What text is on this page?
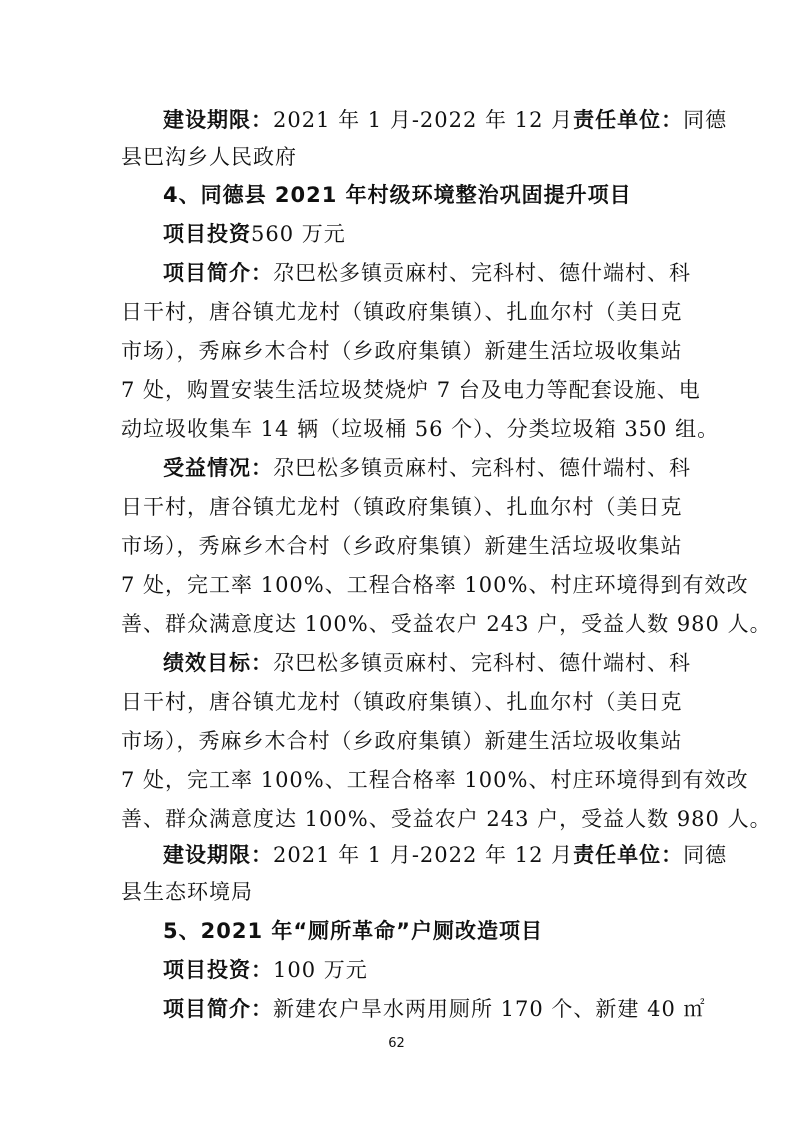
建设期限：2021 年 1 月-2022 年 12 月责任单位：同德
县巴沟乡人民政府
4、同德县 2021 年村级环境整治巩固提升项目
项目投资560 万元
项目简介：尕巴松多镇贡麻村、完科村、德什端村、科
日干村，唐谷镇尤龙村（镇政府集镇）、扎血尔村（美日克
市场），秀麻乡木合村（乡政府集镇）新建生活垃圾收集站
7 处，购置安装生活垃圾焚烧炉 7 台及电力等配套设施、电
动垃圾收集车 14 辆（垃圾桶 56 个）、分类垃圾箱 350 组。
受益情况：尕巴松多镇贡麻村、完科村、德什端村、科
日干村，唐谷镇尤龙村（镇政府集镇）、扎血尔村（美日克
市场），秀麻乡木合村（乡政府集镇）新建生活垃圾收集站
7 处，完工率 100%、工程合格率 100%、村庄环境得到有效改
善、群众满意度达 100%、受益农户 243 户，受益人数 980 人。
绩效目标：尕巴松多镇贡麻村、完科村、德什端村、科
日干村，唐谷镇尤龙村（镇政府集镇）、扎血尔村（美日克
市场），秀麻乡木合村（乡政府集镇）新建生活垃圾收集站
7 处，完工率 100%、工程合格率 100%、村庄环境得到有效改
善、群众满意度达 100%、受益农户 243 户，受益人数 980 人。
建设期限：2021 年 1 月-2022 年 12 月责任单位：同德
县生态环境局
5、2021 年“厕所革命”户厕改造项目
项目投资：100 万元
项目简介：新建农户旱水两用厕所 170 个、新建 40 ㎡
62
